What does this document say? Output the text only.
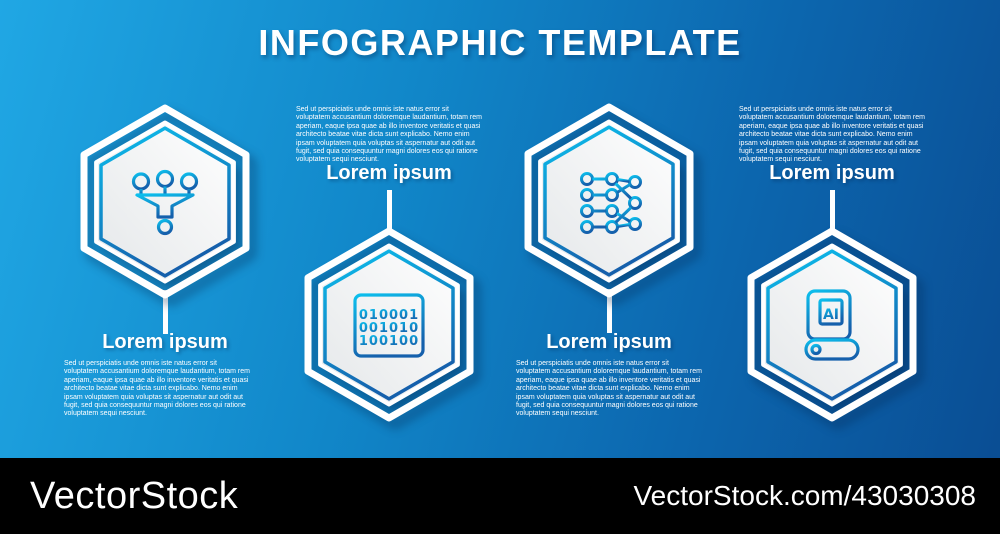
INFOGRAPHIC TEMPLATE
Lorem ipsum
Sed ut perspiciatis unde omnis iste natus error sit voluptatem accusantium doloremque laudantium, totam rem aperiam, eaque ipsa quae ab illo inventore veritatis et quasi architecto beatae vitae dicta sunt explicabo. Nemo enim ipsam voluptatem quia voluptas sit aspernatur aut odit aut fugit, sed quia consequuntur magni dolores eos qui ratione voluptatem sequi nesciunt.
Sed ut perspiciatis unde omnis iste natus error sit voluptatem accusantium doloremque laudantium, totam rem aperiam, eaque ipsa quae ab illo inventore veritatis et quasi architecto beatae vitae dicta sunt explicabo. Nemo enim ipsam voluptatem quia voluptas sit aspernatur aut odit aut fugit, sed quia consequuntur magni dolores eos qui ratione voluptatem sequi nesciunt.
Lorem ipsum
010001
001010
100100	Lorem ipsum
Sed ut perspiciatis unde omnis iste natus error sit voluptatem accusantium doloremque laudantium, totam rem aperiam, eaque ipsa quae ab illo inventore veritatis et quasi architecto beatae vitae dicta sunt explicabo. Nemo enim ipsam voluptatem quia voluptas sit aspernatur aut odit aut fugit, sed quia consequuntur magni dolores eos qui ratione voluptatem sequi nesciunt.
Sed ut perspiciatis unde omnis iste natus error sit voluptatem accusantium doloremque laudantium, totam rem aperiam, eaque ipsa quae ab illo inventore veritatis et quasi architecto beatae vitae dicta sunt explicabo. Nemo enim ipsam voluptatem quia voluptas sit aspernatur aut odit aut fugit, sed quia consequuntur magni dolores eos qui ratione voluptatem sequi nesciunt.
Lorem ipsum
AI
VectorStock	VectorStock.com/43030308
